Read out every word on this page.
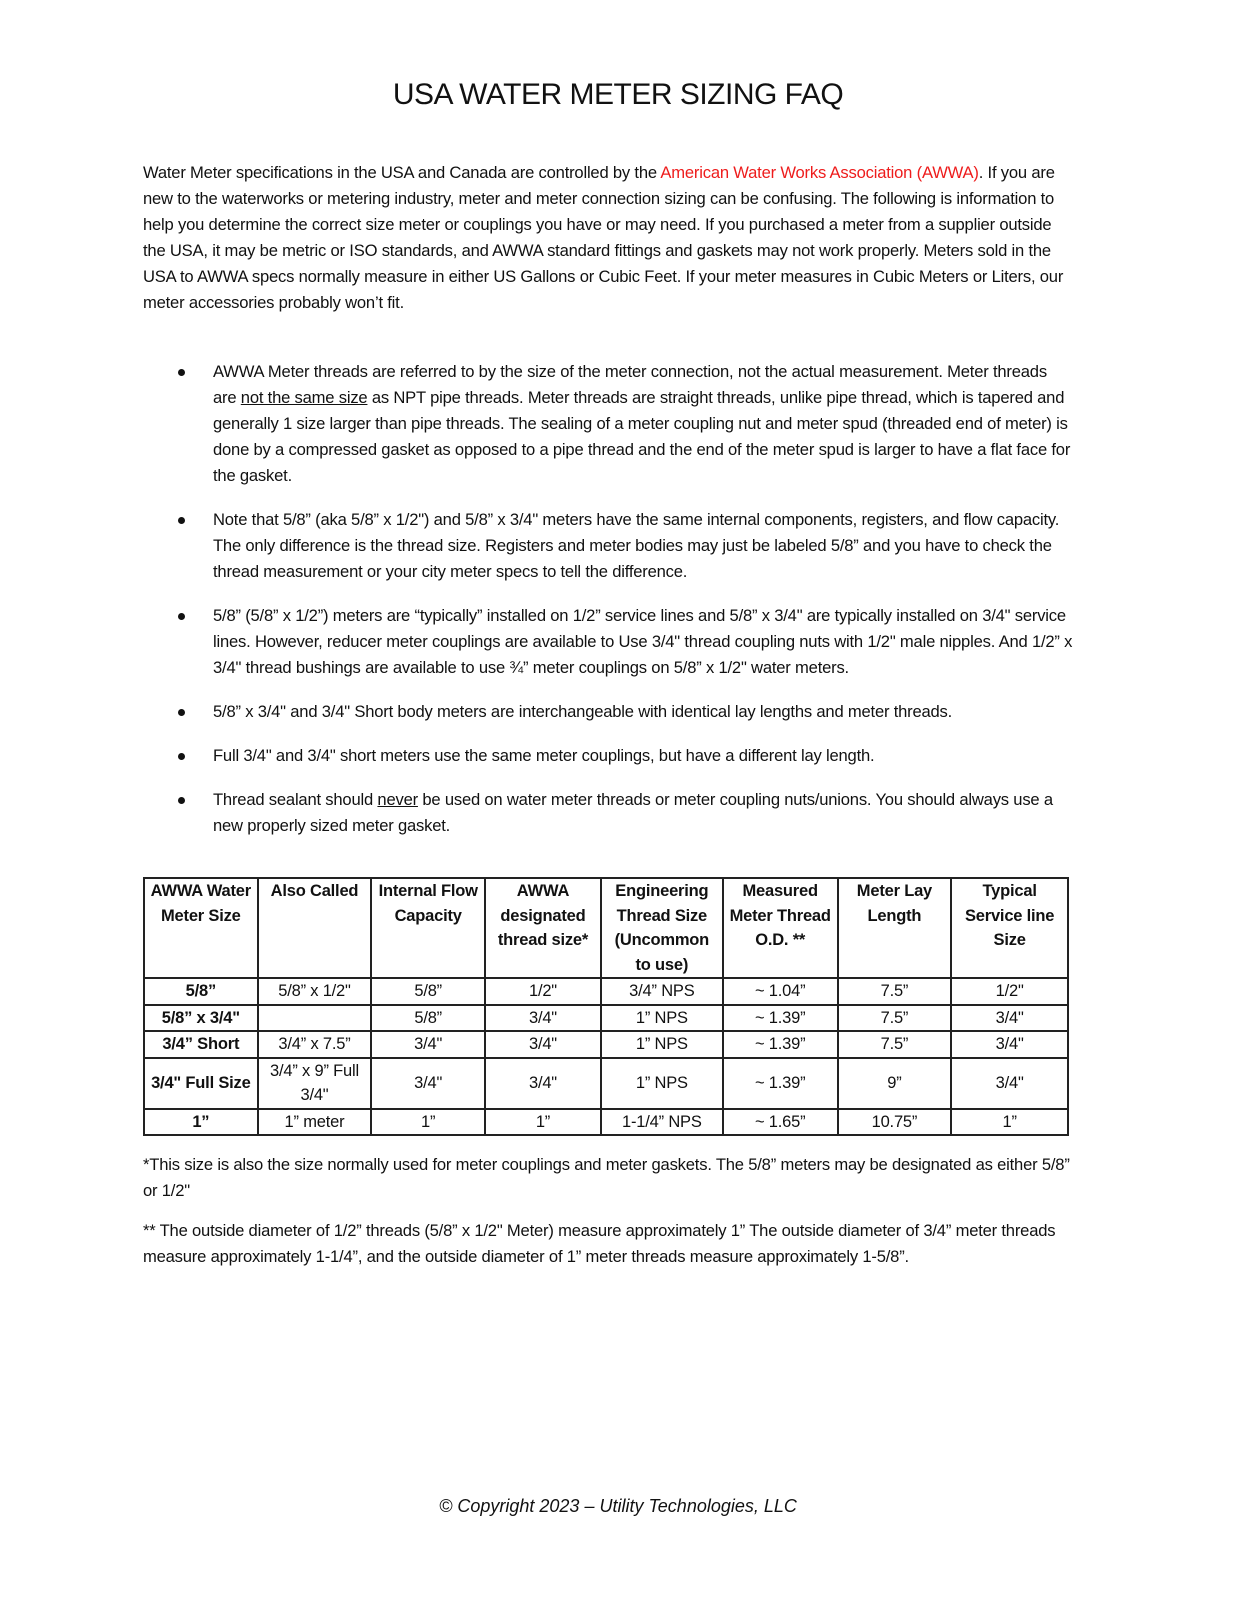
USA WATER METER SIZING FAQ

Water Meter specifications in the USA and Canada are controlled by the American Water Works Association (AWWA). If you are new to the waterworks or metering industry, meter and meter connection sizing can be confusing. The following is information to help you determine the correct size meter or couplings you have or may need. If you purchased a meter from a supplier outside the USA, it may be metric or ISO standards, and AWWA standard fittings and gaskets may not work properly. Meters sold in the USA to AWWA specs normally measure in either US Gallons or Cubic Feet. If your meter measures in Cubic Meters or Liters, our meter accessories probably won’t fit.

AWWA Meter threads are referred to by the size of the meter connection, not the actual measurement. Meter threads are not the same size as NPT pipe threads. Meter threads are straight threads, unlike pipe thread, which is tapered and generally 1 size larger than pipe threads. The sealing of a meter coupling nut and meter spud (threaded end of meter) is done by a compressed gasket as opposed to a pipe thread and the end of the meter spud is larger to have a flat face for the gasket.
Note that 5/8” (aka 5/8” x 1/2") and 5/8” x 3/4" meters have the same internal components, registers, and flow capacity. The only difference is the thread size. Registers and meter bodies may just be labeled 5/8” and you have to check the thread measurement or your city meter specs to tell the difference.
5/8” (5/8” x 1/2”) meters are “typically” installed on 1/2” service lines and 5/8” x 3/4" are typically installed on 3/4" service lines. However, reducer meter couplings are available to Use 3/4" thread coupling nuts with 1/2" male nipples. And 1/2” x 3/4" thread bushings are available to use ¾” meter couplings on 5/8” x 1/2" water meters.
5/8” x 3/4" and 3/4" Short body meters are interchangeable with identical lay lengths and meter threads.
Full 3/4" and 3/4" short meters use the same meter couplings, but have a different lay length.
Thread sealant should never be used on water meter threads or meter coupling nuts/unions. You should always use a new properly sized meter gasket.
AWWA Water Meter Size	Also Called	Internal Flow Capacity	AWWA designated thread size*	Engineering Thread Size (Uncommon to use)	Measured Meter Thread O.D. **	Meter Lay Length	Typical Service line Size
5/8”	5/8” x 1/2"	5/8”	1/2"	3/4” NPS	~ 1.04”	7.5”	1/2"
5/8” x 3/4"		5/8”	3/4"	1” NPS	~ 1.39”	7.5”	3/4"
3/4” Short	3/4” x 7.5”	3/4"	3/4"	1” NPS	~ 1.39”	7.5”	3/4"
3/4" Full Size	3/4” x 9” Full 3/4"	3/4"	3/4"	1” NPS	~ 1.39”	9”	3/4"
1”	1” meter	1”	1”	1-1/4” NPS	~ 1.65”	10.75”	1”

*This size is also the size normally used for meter couplings and meter gaskets. The 5/8” meters may be designated as either 5/8” or 1/2"

** The outside diameter of 1/2” threads (5/8” x 1/2" Meter) measure approximately 1” The outside diameter of 3/4” meter threads measure approximately 1-1/4”, and the outside diameter of 1” meter threads measure approximately 1-5/8”.

© Copyright 2023 – Utility Technologies, LLC
